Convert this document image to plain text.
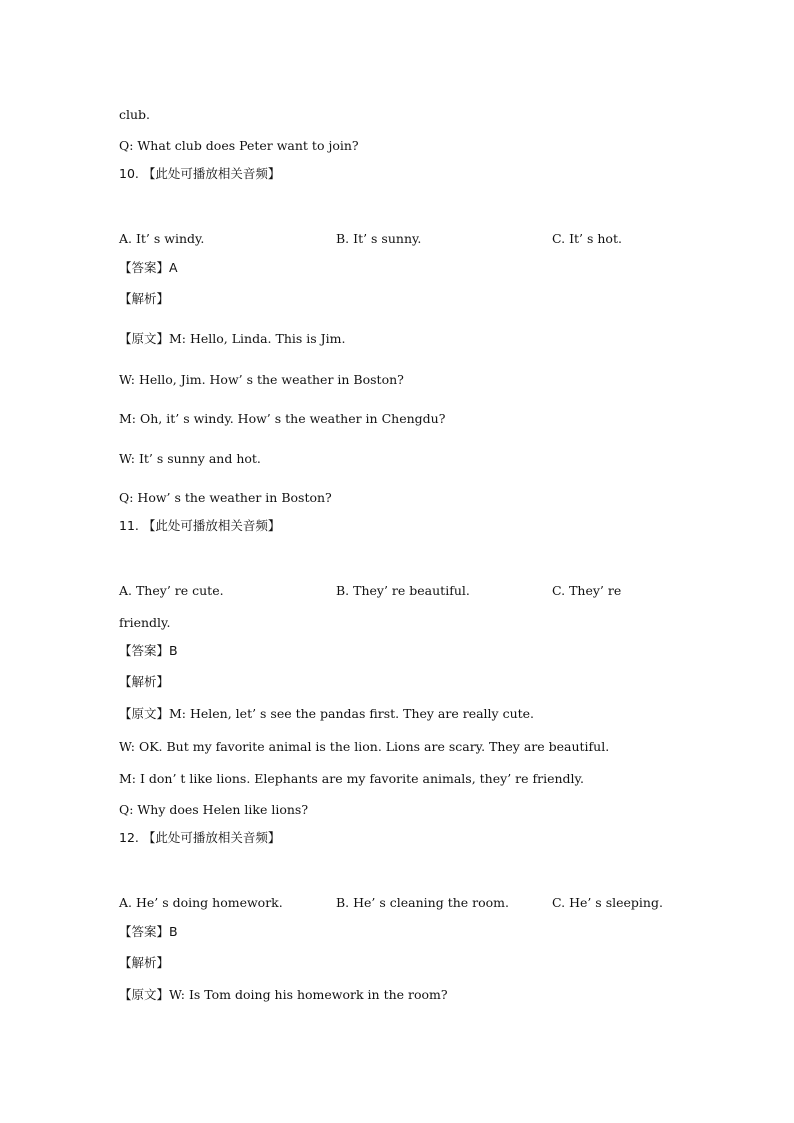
club.
Q: What club does Peter want to join?
10. 【此处可播放相关音频】
A. It’ s windy.	B. It’ s sunny.	C. It’ s hot.
【答案】A
【解析】
【原文】M: Hello, Linda. This is Jim.
W: Hello, Jim. How’ s the weather in Boston?
M: Oh, it’ s windy. How’ s the weather in Chengdu?
W: It’ s sunny and hot.
Q: How’ s the weather in Boston?
11. 【此处可播放相关音频】
A. They’ re cute.	B. They’ re beautiful.	C. They’ re
friendly.
【答案】B
【解析】
【原文】M: Helen, let’ s see the pandas first. They are really cute.
W: OK. But my favorite animal is the lion. Lions are scary. They are beautiful.
M: I don’ t like lions. Elephants are my favorite animals, they’ re friendly.
Q: Why does Helen like lions?
12. 【此处可播放相关音频】
A. He’ s doing homework.	B. He’ s cleaning the room.	C. He’ s sleeping.
【答案】B
【解析】
【原文】W: Is Tom doing his homework in the room?
